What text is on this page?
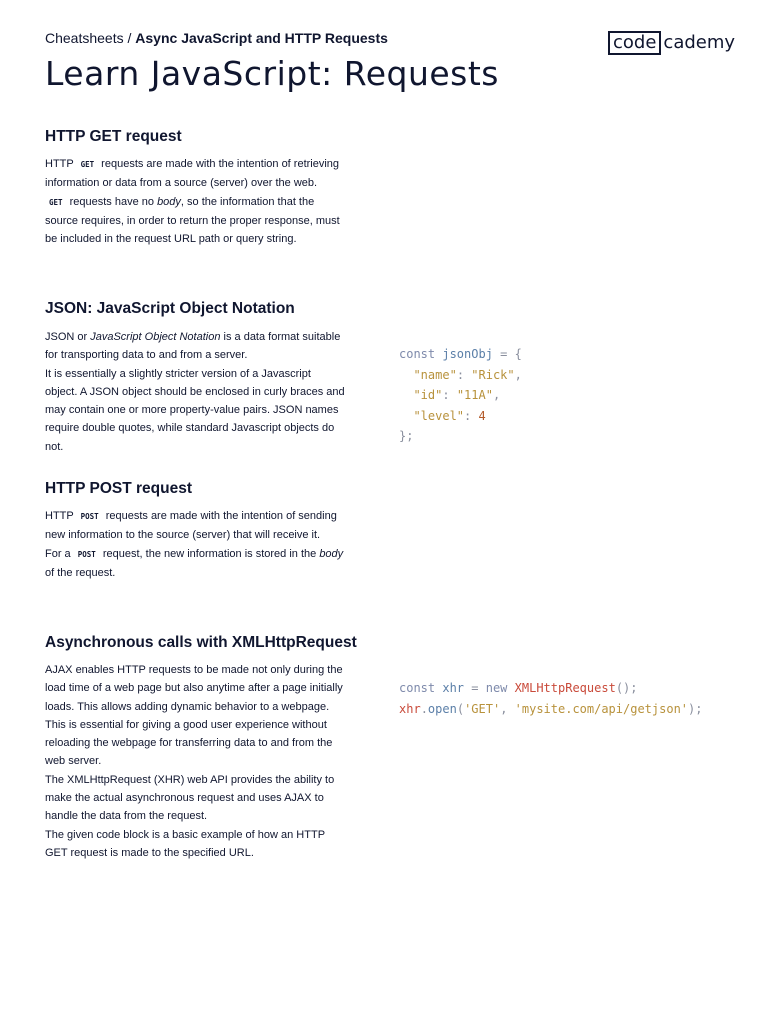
Cheatsheets / Async JavaScript and HTTP Requests	code cademy
Learn JavaScript: Requests
HTTP GET request

HTTP GET requests are made with the intention of retrieving information or data from a source (server) over the web.

GET requests have no body, so the information that the source requires, in order to return the proper response, must be included in the request URL path or query string.

JSON: JavaScript Object Notation

JSON or JavaScript Object Notation is a data format suitable for transporting data to and from a server.

It is essentially a slightly stricter version of a Javascript object. A JSON object should be enclosed in curly braces and may contain one or more property-value pairs. JSON names require double quotes, while standard Javascript objects do not.

const jsonObj = {
"name": "Rick",
"id": "11A",
"level": 4
};
HTTP POST request

HTTP POST requests are made with the intention of sending new information to the source (server) that will receive it.

For a POST request, the new information is stored in the body of the request.

Asynchronous calls with XMLHttpRequest

AJAX enables HTTP requests to be made not only during the load time of a web page but also anytime after a page initially loads. This allows adding dynamic behavior to a webpage. This is essential for giving a good user experience without reloading the webpage for transferring data to and from the web server.

The XMLHttpRequest (XHR) web API provides the ability to make the actual asynchronous request and uses AJAX to handle the data from the request.

The given code block is a basic example of how an HTTP GET request is made to the specified URL.

const xhr = new XMLHttpRequest();
xhr.open('GET', 'mysite.com/api/getjson');
